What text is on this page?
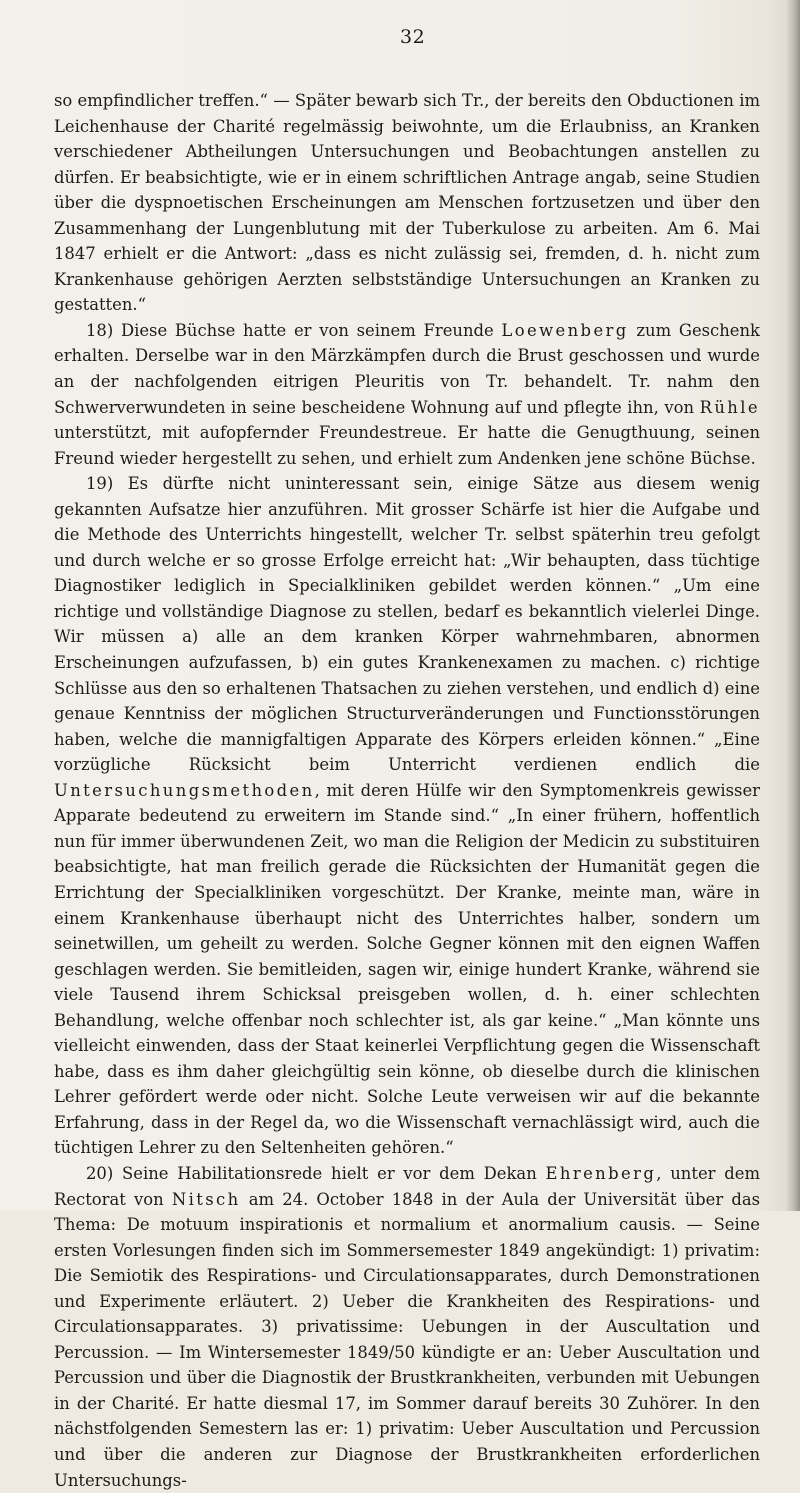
32

so empfindlicher treffen.“ — Später bewarb sich Tr., der bereits den Obductionen im Leichenhause der Charité regelmässig beiwohnte, um die Erlaubniss, an Kranken verschiedener Abtheilungen Untersuchungen und Beobachtungen anstellen zu dürfen. Er beabsichtigte, wie er in einem schriftlichen Antrage angab, seine Studien über die dyspnoetischen Erscheinungen am Menschen fortzusetzen und über den Zusammenhang der Lungenblutung mit der Tuberkulose zu arbeiten. Am 6. Mai 1847 erhielt er die Antwort: „dass es nicht zulässig sei, fremden, d. h. nicht zum Krankenhause gehörigen Aerzten selbstständige Untersuchungen an Kranken zu gestatten.“

18) Diese Büchse hatte er von seinem Freunde Loewenberg zum Geschenk erhalten. Derselbe war in den Märzkämpfen durch die Brust geschossen und wurde an der nachfolgenden eitrigen Pleuritis von Tr. behandelt. Tr. nahm den Schwerverwundeten in seine bescheidene Wohnung auf und pflegte ihn, von Rühle unterstützt, mit aufopfernder Freundestreue. Er hatte die Genugthuung, seinen Freund wieder hergestellt zu sehen, und erhielt zum Andenken jene schöne Büchse.

19) Es dürfte nicht uninteressant sein, einige Sätze aus diesem wenig gekannten Aufsatze hier anzuführen. Mit grosser Schärfe ist hier die Aufgabe und die Methode des Unterrichts hingestellt, welcher Tr. selbst späterhin treu gefolgt und durch welche er so grosse Erfolge erreicht hat: „Wir behaupten, dass tüchtige Diagnostiker lediglich in Specialkliniken gebildet werden können.“ „Um eine richtige und vollständige Diagnose zu stellen, bedarf es bekanntlich vielerlei Dinge. Wir müssen a) alle an dem kranken Körper wahrnehmbaren, abnormen Erscheinungen aufzufassen, b) ein gutes Krankenexamen zu machen. c) richtige Schlüsse aus den so erhaltenen Thatsachen zu ziehen verstehen, und endlich d) eine genaue Kenntniss der möglichen Structurveränderungen und Functionsstörungen haben, welche die mannigfaltigen Apparate des Körpers erleiden können.“ „Eine vorzügliche Rücksicht beim Unterricht verdienen endlich die Untersuchungsmethoden, mit deren Hülfe wir den Symptomenkreis gewisser Apparate bedeutend zu erweitern im Stande sind.“ „In einer frühern, hoffentlich nun für immer überwundenen Zeit, wo man die Religion der Medicin zu substituiren beabsichtigte, hat man freilich gerade die Rücksichten der Humanität gegen die Errichtung der Specialkliniken vorgeschützt. Der Kranke, meinte man, wäre in einem Krankenhause überhaupt nicht des Unterrichtes halber, sondern um seinetwillen, um geheilt zu werden. Solche Gegner können mit den eignen Waffen geschlagen werden. Sie bemitleiden, sagen wir, einige hundert Kranke, während sie viele Tausend ihrem Schicksal preisgeben wollen, d. h. einer schlechten Behandlung, welche offenbar noch schlechter ist, als gar keine.“ „Man könnte uns vielleicht einwenden, dass der Staat keinerlei Verpflichtung gegen die Wissenschaft habe, dass es ihm daher gleichgültig sein könne, ob dieselbe durch die klinischen Lehrer gefördert werde oder nicht. Solche Leute verweisen wir auf die bekannte Erfahrung, dass in der Regel da, wo die Wissenschaft vernachlässigt wird, auch die tüchtigen Lehrer zu den Seltenheiten gehören.“

20) Seine Habilitationsrede hielt er vor dem Dekan Ehrenberg, unter dem Rectorat von Nitsch am 24. October 1848 in der Aula der Universität über das Thema: De motuum inspirationis et normalium et anormalium causis. — Seine ersten Vorlesungen finden sich im Sommersemester 1849 angekündigt: 1) privatim: Die Semiotik des Respirations- und Circulationsapparates, durch Demonstrationen und Experimente erläutert. 2) Ueber die Krankheiten des Respirations- und Circulationsapparates. 3) privatissime: Uebungen in der Auscultation und Percussion. — Im Wintersemester 1849/50 kündigte er an: Ueber Auscultation und Percussion und über die Diagnostik der Brustkrankheiten, verbunden mit Uebungen in der Charité. Er hatte diesmal 17, im Sommer darauf bereits 30 Zuhörer. In den nächstfolgenden Semestern las er: 1) privatim: Ueber Auscultation und Percussion und über die anderen zur Diagnose der Brustkrankheiten erforderlichen Untersuchungs-
